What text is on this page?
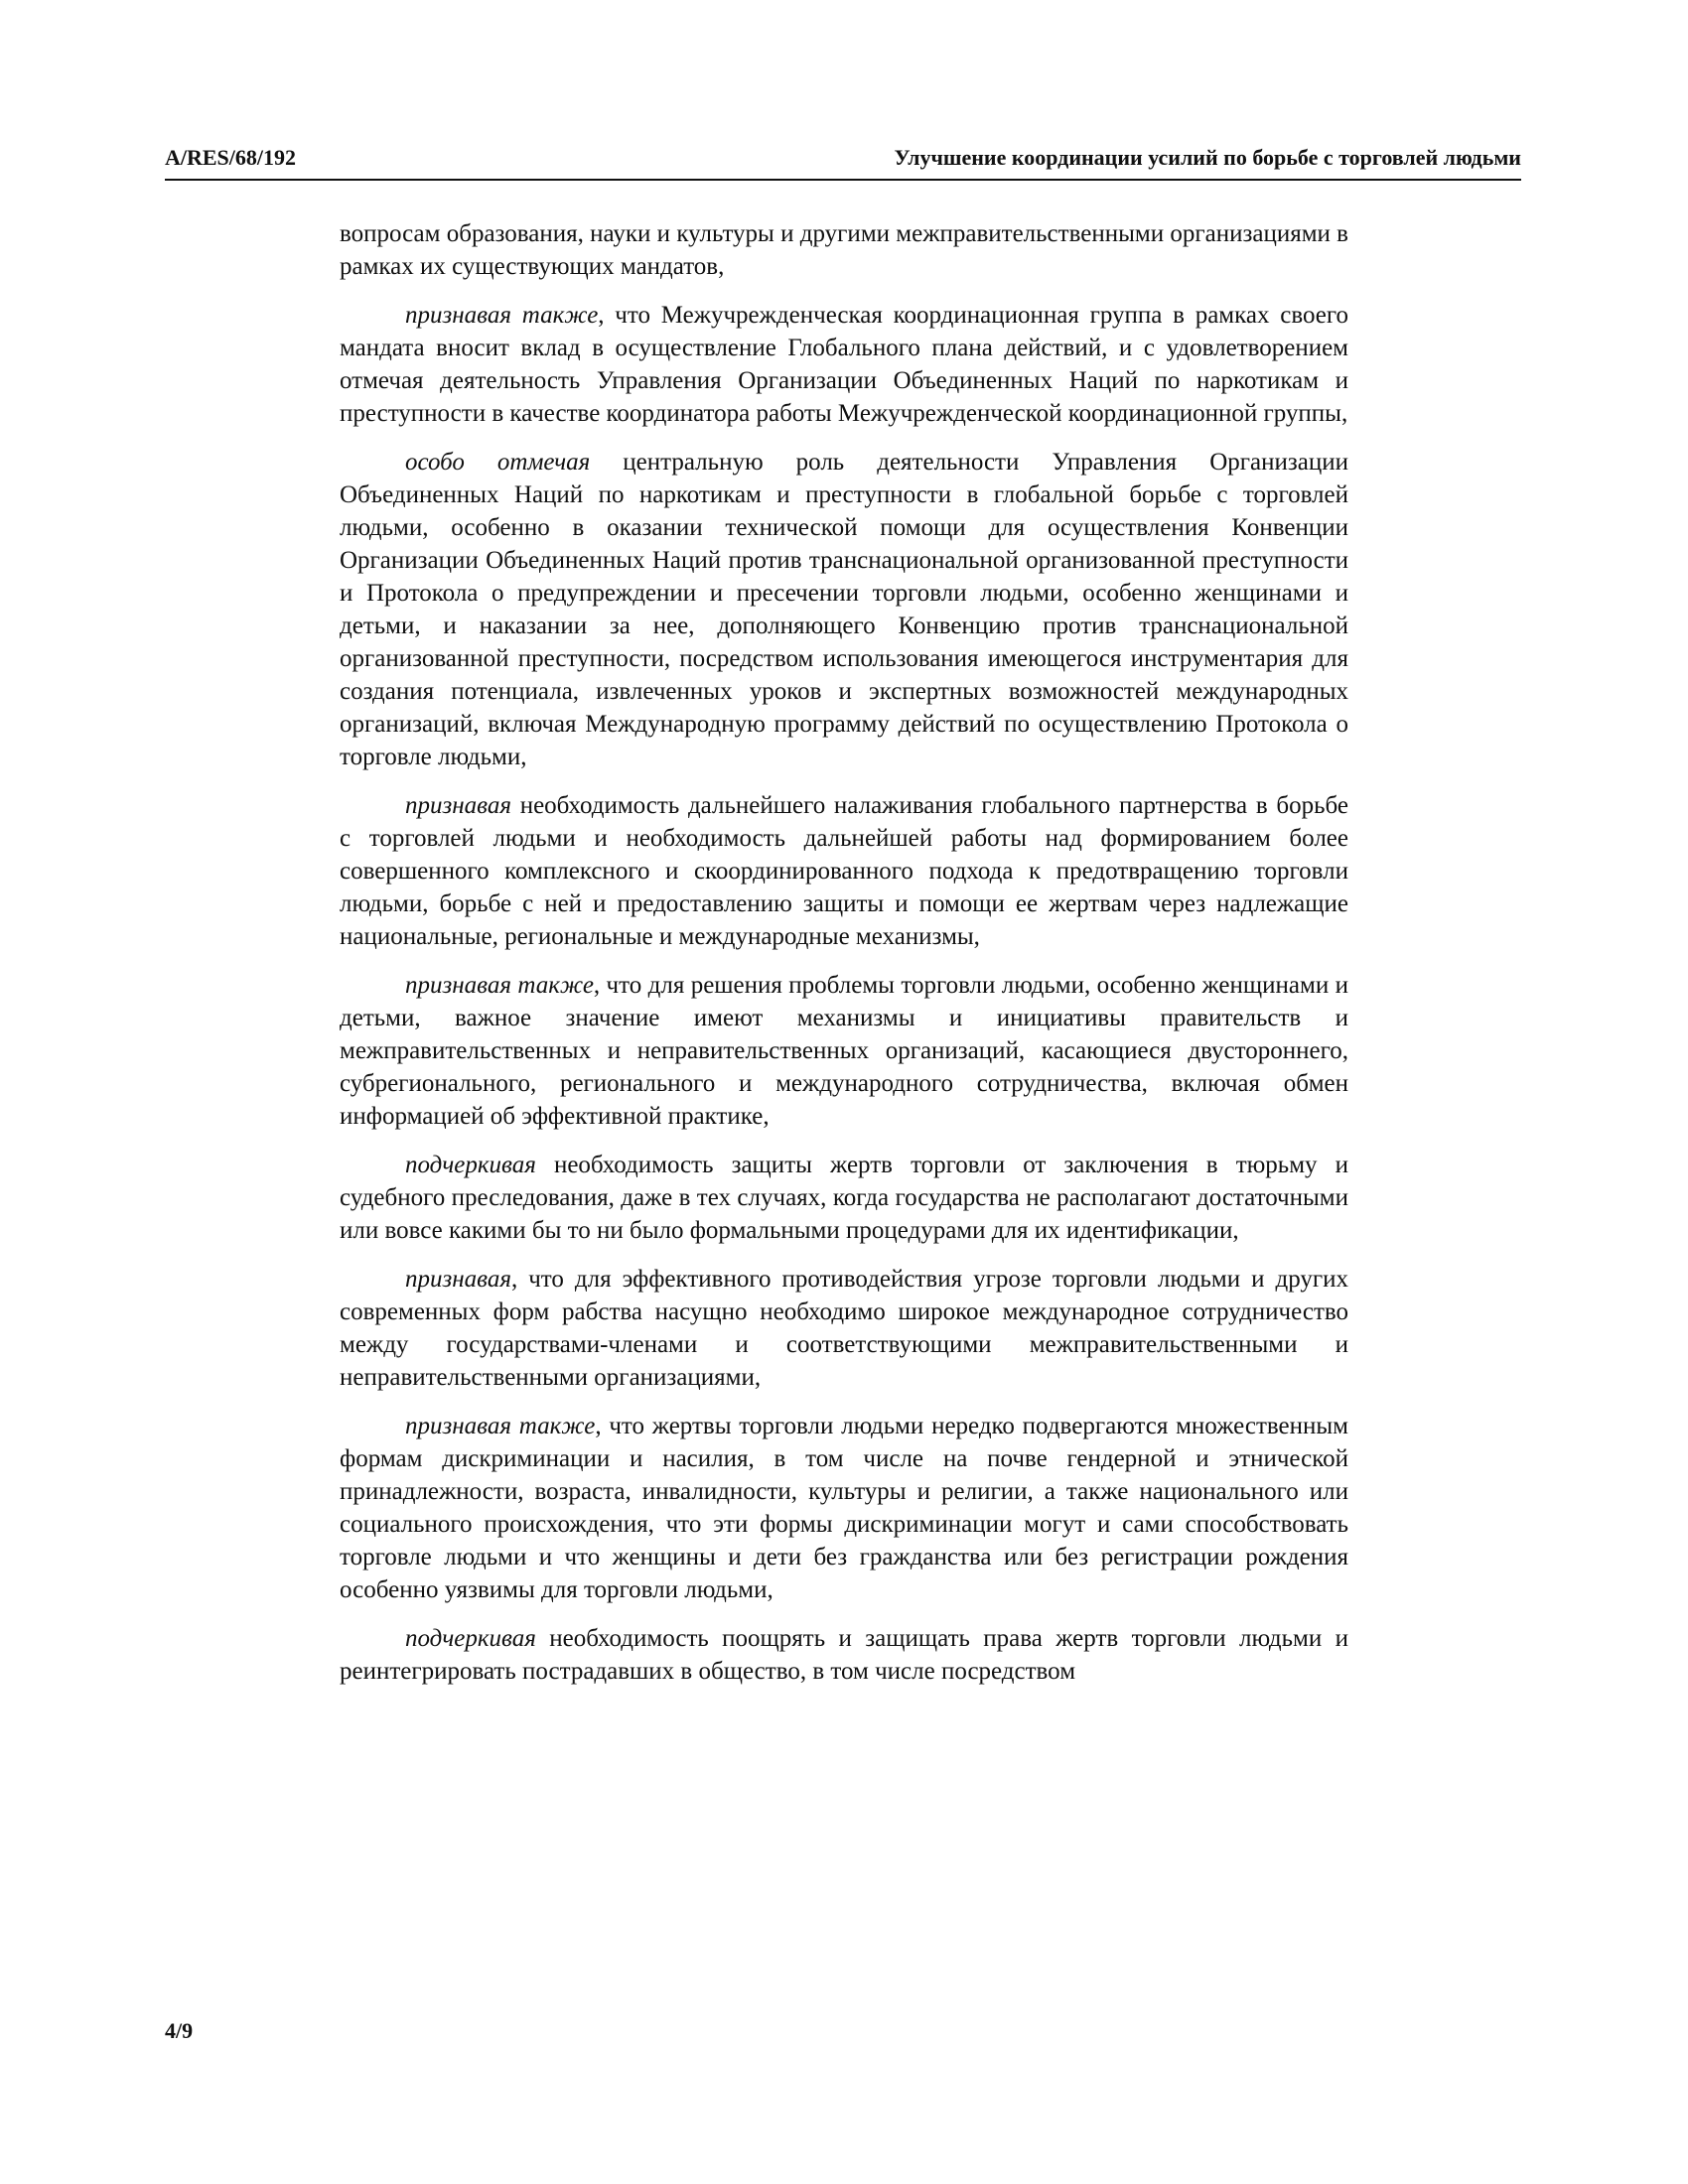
A/RES/68/192	Улучшение координации усилий по борьбе с торговлей людьми

вопросам образования, науки и культуры и другими межправительственными организациями в рамках их существующих мандатов,

признавая также, что Межучрежденческая координационная группа в рамках своего мандата вносит вклад в осуществление Глобального плана действий, и с удовлетворением отмечая деятельность Управления Организации Объединенных Наций по наркотикам и преступности в качестве координатора работы Межучрежденческой координационной группы,

особо отмечая центральную роль деятельности Управления Организации Объединенных Наций по наркотикам и преступности в глобальной борьбе с торговлей людьми, особенно в оказании технической помощи для осуществления Конвенции Организации Объединенных Наций против транснациональной организованной преступности и Протокола о предупреждении и пресечении торговли людьми, особенно женщинами и детьми, и наказании за нее, дополняющего Конвенцию против транснациональной организованной преступности, посредством использования имеющегося инструментария для создания потенциала, извлеченных уроков и экспертных возможностей международных организаций, включая Международную программу действий по осуществлению Протокола о торговле людьми,

признавая необходимость дальнейшего налаживания глобального партнерства в борьбе с торговлей людьми и необходимость дальнейшей работы над формированием более совершенного комплексного и скоординированного подхода к предотвращению торговли людьми, борьбе с ней и предоставлению защиты и помощи ее жертвам через надлежащие национальные, региональные и международные механизмы,

признавая также, что для решения проблемы торговли людьми, особенно женщинами и детьми, важное значение имеют механизмы и инициативы правительств и межправительственных и неправительственных организаций, касающиеся двустороннего, субрегионального, регионального и международного сотрудничества, включая обмен информацией об эффективной практике,

подчеркивая необходимость защиты жертв торговли от заключения в тюрьму и судебного преследования, даже в тех случаях, когда государства не располагают достаточными или вовсе какими бы то ни было формальными процедурами для их идентификации,

признавая, что для эффективного противодействия угрозе торговли людьми и других современных форм рабства насущно необходимо широкое международное сотрудничество между государствами-членами и соответствующими межправительственными и неправительственными организациями,

признавая также, что жертвы торговли людьми нередко подвергаются множественным формам дискриминации и насилия, в том числе на почве гендерной и этнической принадлежности, возраста, инвалидности, культуры и религии, а также национального или социального происхождения, что эти формы дискриминации могут и сами способствовать торговле людьми и что женщины и дети без гражданства или без регистрации рождения особенно уязвимы для торговли людьми,

подчеркивая необходимость поощрять и защищать права жертв торговли людьми и реинтегрировать пострадавших в общество, в том числе посредством

4/9
